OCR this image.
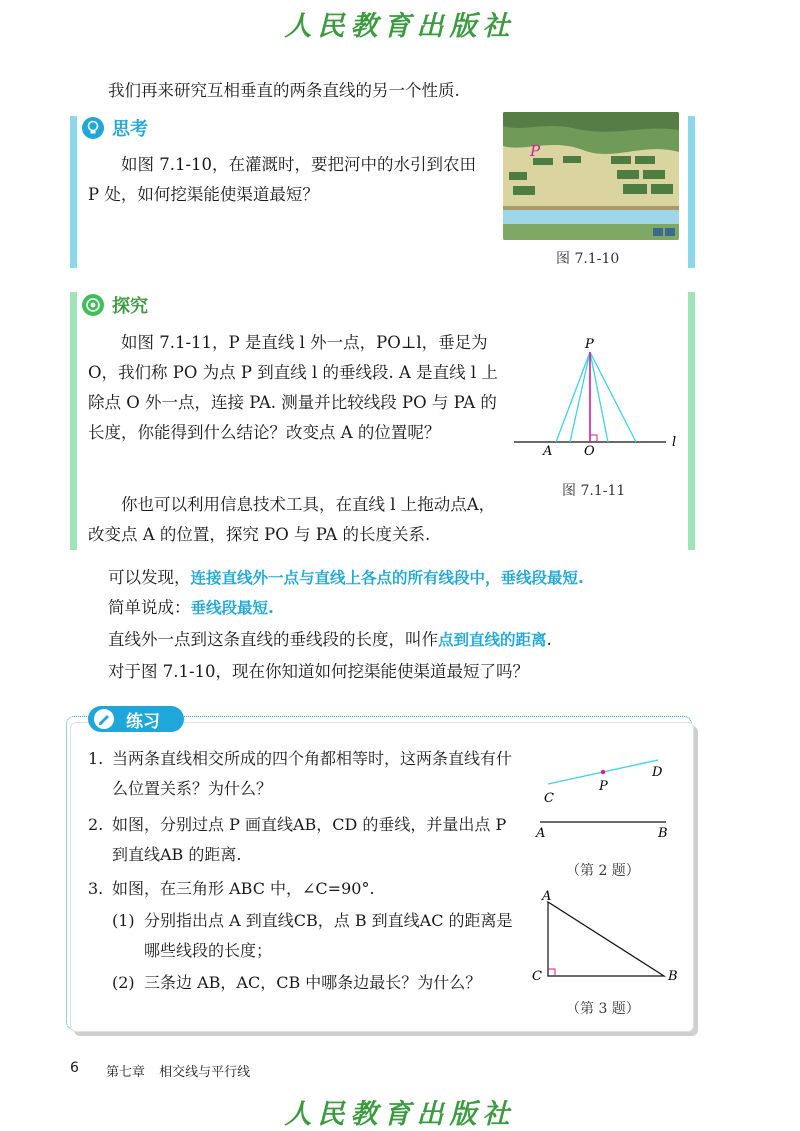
人民教育出版社
我们再来研究互相垂直的两条直线的另一个性质.
思考
如图 7.1-10，在灌溉时，要把河中的水引到农田 P 处，如何挖渠能使渠道最短？
P
图 7.1-10
探究
如图 7.1-11，P 是直线 l 外一点，PO⊥l，垂足为 O，我们称 PO 为点 P 到直线 l 的垂线段. A 是直线 l 上除点 O 外一点，连接 PA. 测量并比较线段 PO 与 PA 的长度，你能得到什么结论？改变点 A 的位置呢？
你也可以利用信息技术工具，在直线 l 上拖动点A，改变点 A 的位置，探究 PO 与 PA 的长度关系.
P
A O
l
图 7.1-11
可以发现，连接直线外一点与直线上各点的所有线段中，垂线段最短.
简单说成：垂线段最短.
直线外一点到这条直线的垂线段的长度，叫作点到直线的距离.
对于图 7.1-10，现在你知道如何挖渠能使渠道最短了吗？
练习
1. 当两条直线相交所成的四个角都相等时，这两条直线有什么位置关系？为什么？
2. 如图，分别过点 P 画直线AB，CD 的垂线，并量出点 P 到直线AB 的距离.
3. 如图，在三角形 ABC 中，∠C=90°.
(1) 分别指出点 A 到直线CB，点 B 到直线AC 的距离是哪些线段的长度；
(2) 三条边 AB，AC，CB 中哪条边最长？为什么？
C
P
D
A	B
（第 2 题）
A
C	B
（第 3 题）
6 第七章 相交线与平行线
人民教育出版社
